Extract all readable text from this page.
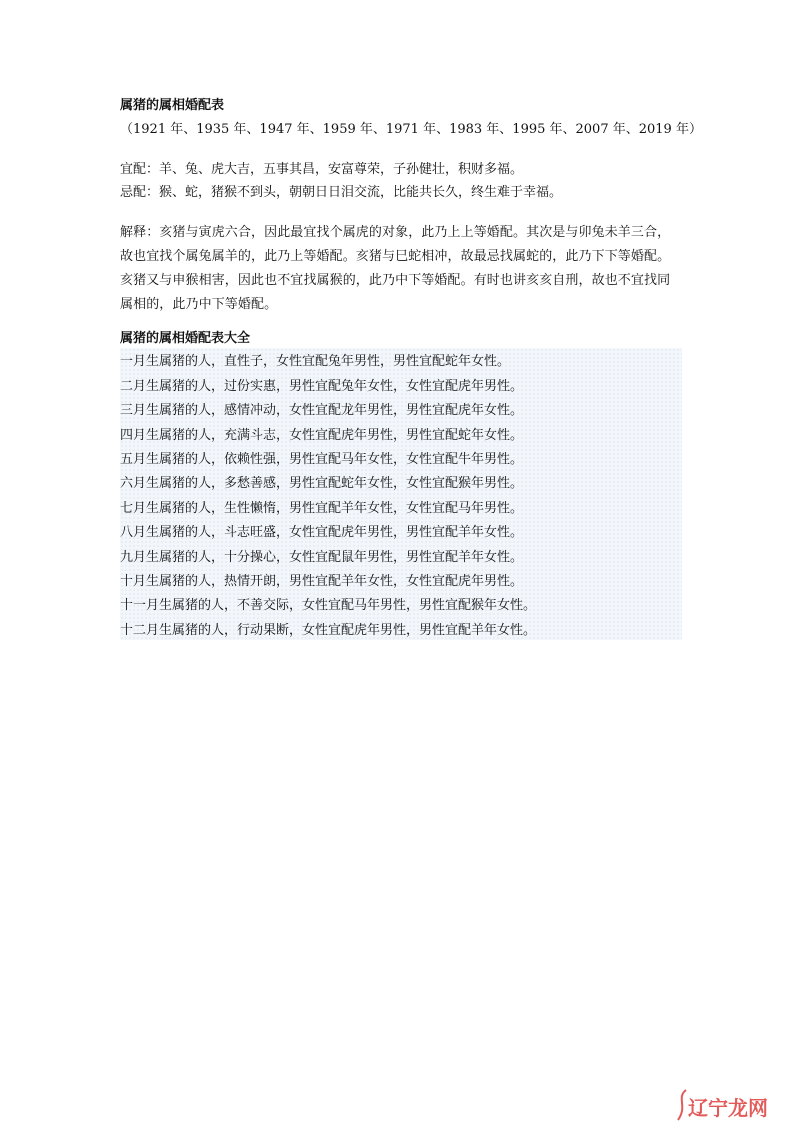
属猪的属相婚配表
（1921 年、1935 年、1947 年、1959 年、1971 年、1983 年、1995 年、2007 年、2019 年）
宜配：羊、兔、虎大吉，五事其昌，安富尊荣，子孙健壮，积财多福。
忌配：猴、蛇，猪猴不到头，朝朝日日泪交流，比能共长久，终生难于幸福。
解释：亥猪与寅虎六合，因此最宜找个属虎的对象，此乃上上等婚配。其次是与卯兔未羊三合，故也宜找个属兔属羊的，此乃上等婚配。亥猪与巳蛇相冲，故最忌找属蛇的，此乃下下等婚配。亥猪又与申猴相害，因此也不宜找属猴的，此乃中下等婚配。有时也讲亥亥自刑，故也不宜找同属相的，此乃中下等婚配。
属猪的属相婚配表大全
一月生属猪的人，直性子，女性宜配兔年男性，男性宜配蛇年女性。
二月生属猪的人，过份实惠，男性宜配兔年女性，女性宜配虎年男性。
三月生属猪的人，感情冲动，女性宜配龙年男性，男性宜配虎年女性。
四月生属猪的人，充满斗志，女性宜配虎年男性，男性宜配蛇年女性。
五月生属猪的人，依赖性强，男性宜配马年女性，女性宜配牛年男性。
六月生属猪的人，多愁善感，男性宜配蛇年女性，女性宜配猴年男性。
七月生属猪的人，生性懒惰，男性宜配羊年女性，女性宜配马年男性。
八月生属猪的人，斗志旺盛，女性宜配虎年男性，男性宜配羊年女性。
九月生属猪的人，十分操心，女性宜配鼠年男性，男性宜配羊年女性。
十月生属猪的人，热情开朗，男性宜配羊年女性，女性宜配虎年男性。
十一月生属猪的人，不善交际，女性宜配马年男性，男性宜配猴年女性。
十二月生属猪的人，行动果断，女性宜配虎年男性，男性宜配羊年女性。
辽宁龙网
